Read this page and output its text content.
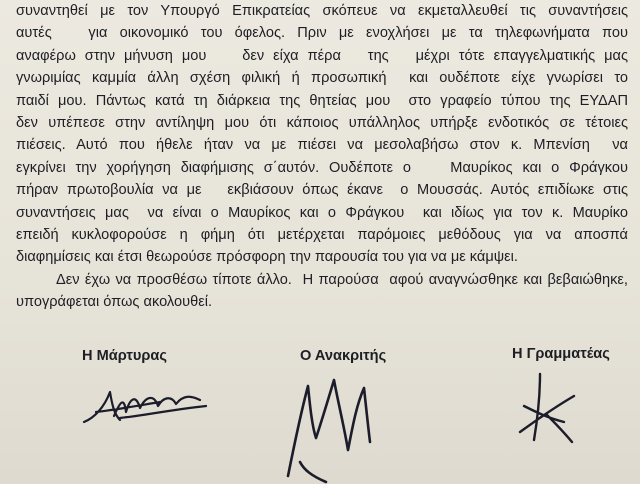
συναντηθεί με τον Υπουργό Επικρατείας σκόπευε να εκμεταλλευθεί τις συναντήσεις
αυτές   για οικονομικό του όφελος. Πριν με ενοχλήσει με τα τηλεφωνήματα που
αναφέρω στην μήνυση μου    δεν είχα πέρα   της   μέχρι τότε επαγγελματικής μας
γνωριμίας καμμία άλλη σχέση φιλική ή προσωπική  και ουδέποτε είχε γνωρίσει το
παιδί μου. Πάντως κατά τη διάρκεια της θητείας μου  στο γραφείο τύπου της ΕΥΔΑΠ
δεν υπέπεσε στην αντίληψη μου ότι κάποιος υπάλληλος υπήρξε ενδοτικός σε τέτοιες
πιέσεις. Αυτό που ήθελε ήταν να με πιέσει να μεσολαβήσω στον κ. Μπενίση  να
εγκρίνει την χορήγηση διαφήμισης σ΄αυτόν. Ουδέποτε ο    Μαυρίκος και ο Φράγκου
πήραν πρωτοβουλία να με   εκβιάσουν όπως έκανε  ο Μουσσάς. Αυτός επιδίωκε στις
συναντήσεις μας  να είναι ο Μαυρίκος και ο Φράγκου  και ιδίως για τον κ. Μαυρίκο
επειδή κυκλοφορούσε η φήμη ότι μετέρχεται παρόμοιες μεθόδους για να αποσπά
διαφημίσεις και έτσι θεωρούσε πρόσφορη την παρουσία του για να με κάμψει.
Δεν έχω να προσθέσω τίποτε άλλο.  Η παρούσα  αφού αναγνώσθηκε και βεβαιώθηκε,
υπογράφεται όπως ακολουθεί.
Η Μάρτυρας	Ο Ανακριτής	Η Γραμματέας
